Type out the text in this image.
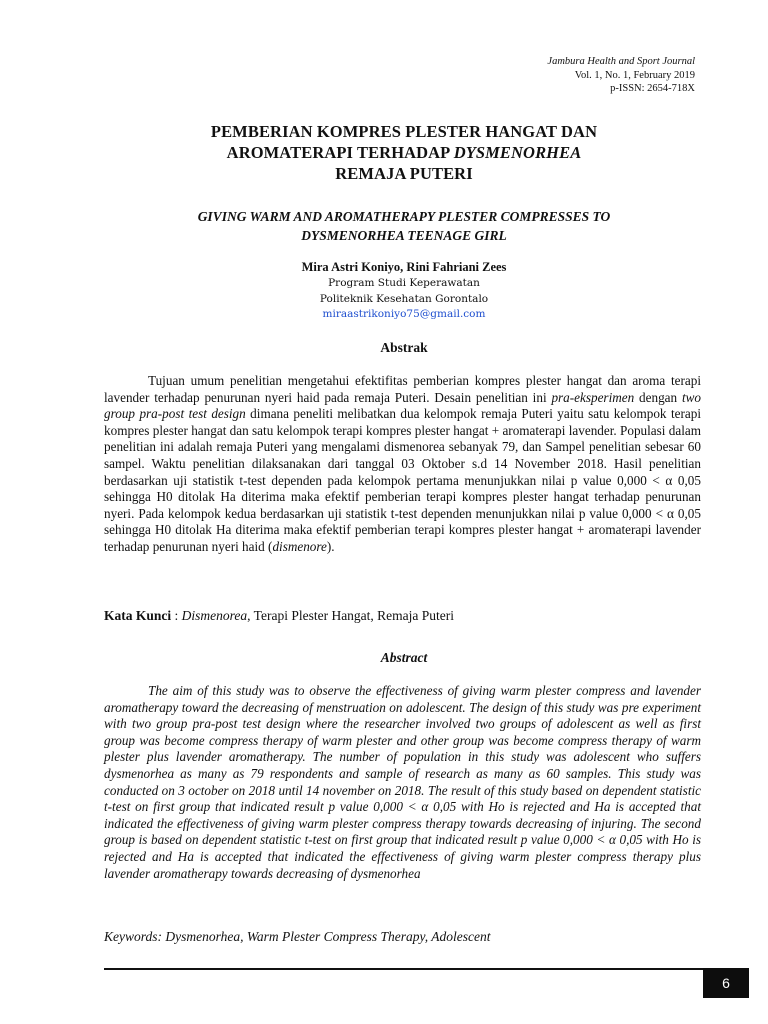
Jambura Health and Sport Journal
Vol. 1, No. 1, February 2019
p-ISSN: 2654-718X
PEMBERIAN KOMPRES PLESTER HANGAT DAN
AROMATERAPI TERHADAP DYSMENORHEA
REMAJA PUTERI
GIVING WARM AND AROMATHERAPY PLESTER COMPRESSES TO
DYSMENORHEA TEENAGE GIRL
Mira Astri Koniyo, Rini Fahriani Zees
Program Studi Keperawatan
Politeknik Kesehatan Gorontalo
miraastrikoniyo75@gmail.com
Abstrak
Tujuan umum penelitian mengetahui efektifitas pemberian kompres plester hangat dan aroma terapi lavender terhadap penurunan nyeri haid pada remaja Puteri. Desain penelitian ini pra-eksperimen dengan two group pra-post test design dimana peneliti melibatkan dua kelompok remaja Puteri yaitu satu kelompok terapi kompres plester hangat dan satu kelompok terapi kompres plester hangat + aromaterapi lavender. Populasi dalam penelitian ini adalah remaja Puteri yang mengalami dismenorea sebanyak 79, dan Sampel penelitian sebesar 60 sampel. Waktu penelitian dilaksanakan dari tanggal 03 Oktober s.d 14 November 2018. Hasil penelitian berdasarkan uji statistik t-test dependen pada kelompok pertama menunjukkan nilai p value 0,000 < α 0,05 sehingga H0 ditolak Ha diterima maka efektif pemberian terapi kompres plester hangat terhadap penurunan nyeri. Pada kelompok kedua berdasarkan uji statistik t-test dependen menunjukkan nilai p value 0,000 < α 0,05 sehingga H0 ditolak Ha diterima maka efektif pemberian terapi kompres plester hangat + aromaterapi lavender terhadap penurunan nyeri haid (dismenore).
Kata Kunci : Dismenorea, Terapi Plester Hangat, Remaja Puteri
Abstract
The aim of this study was to observe the effectiveness of giving warm plester compress and lavender aromatherapy toward the decreasing of menstruation on adolescent. The design of this study was pre experiment with two group pra-post test design where the researcher involved two groups of adolescent as well as first group was become compress therapy of warm plester and other group was become compress therapy of warm plester plus lavender aromatherapy. The number of population in this study was adolescent who suffers dysmenorhea as many as 79 respondents and sample of research as many as 60 samples. This study was conducted on 3 october on 2018 until 14 november on 2018. The result of this study based on dependent statistic t-test on first group that indicated result p value 0,000 < α 0,05 with Ho is rejected and Ha is accepted that indicated the effectiveness of giving warm plester compress therapy towards decreasing of injuring. The second group is based on dependent statistic t-test on first group that indicated result p value 0,000 < α 0,05 with Ho is rejected and Ha is accepted that indicated the effectiveness of giving warm plester compress therapy plus lavender aromatherapy towards decreasing of dysmenorhea
Keywords: Dysmenorhea, Warm Plester Compress Therapy, Adolescent
6
